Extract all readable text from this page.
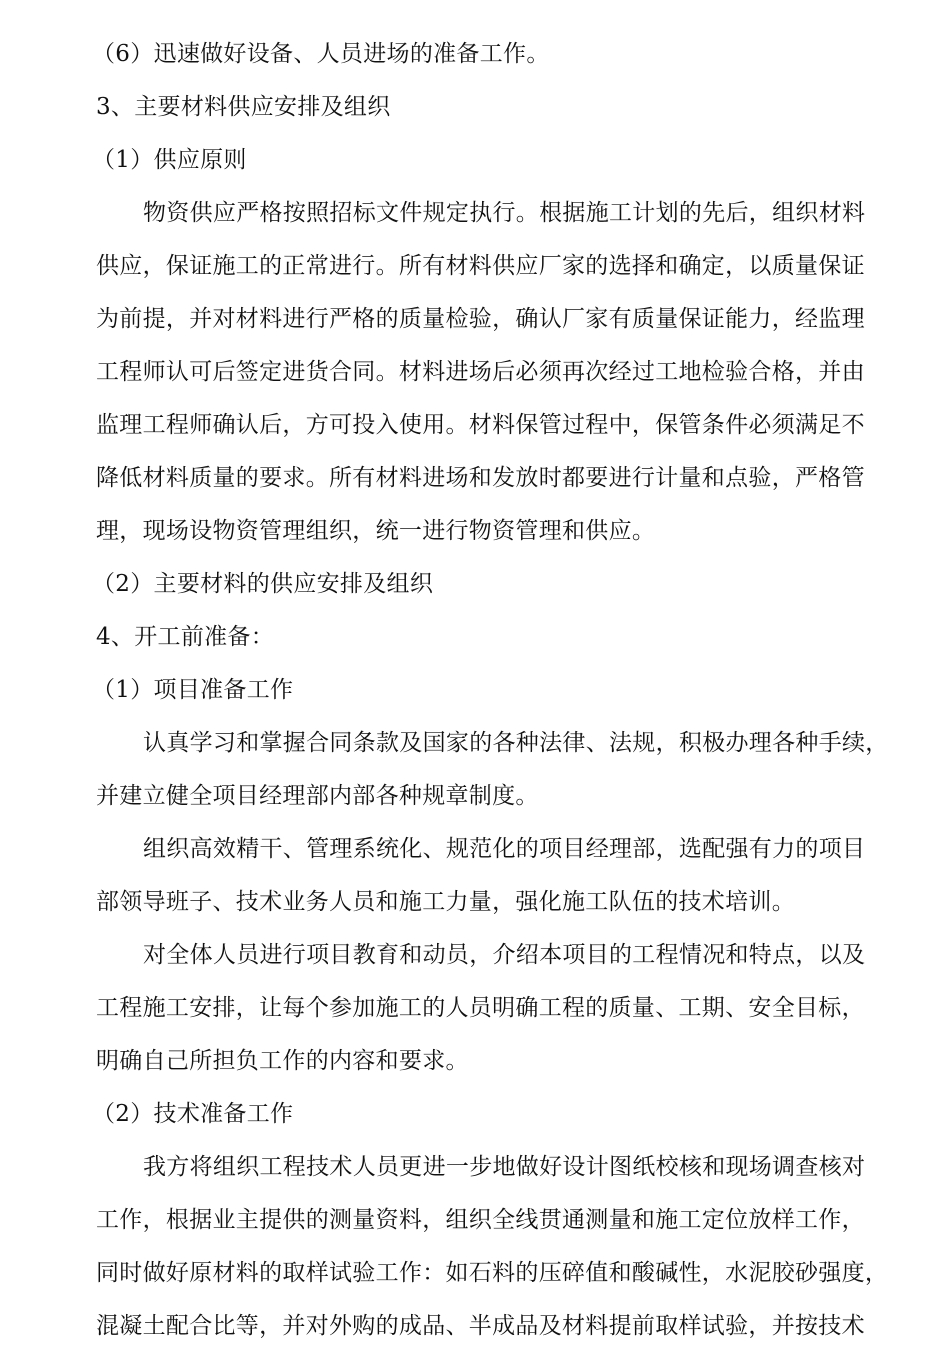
（6）迅速做好设备、人员进场的准备工作。
3、主要材料供应安排及组织
（1）供应原则
物资供应严格按照招标文件规定执行。根据施工计划的先后，组织材料
供应，保证施工的正常进行。所有材料供应厂家的选择和确定，以质量保证
为前提，并对材料进行严格的质量检验，确认厂家有质量保证能力，经监理
工程师认可后签定进货合同。材料进场后必须再次经过工地检验合格，并由
监理工程师确认后，方可投入使用。材料保管过程中，保管条件必须满足不
降低材料质量的要求。所有材料进场和发放时都要进行计量和点验，严格管
理，现场设物资管理组织，统一进行物资管理和供应。
（2）主要材料的供应安排及组织
4、开工前准备：
（1）项目准备工作
认真学习和掌握合同条款及国家的各种法律、法规，积极办理各种手续，
并建立健全项目经理部内部各种规章制度。
组织高效精干、管理系统化、规范化的项目经理部，选配强有力的项目
部领导班子、技术业务人员和施工力量，强化施工队伍的技术培训。
对全体人员进行项目教育和动员，介绍本项目的工程情况和特点，以及
工程施工安排，让每个参加施工的人员明确工程的质量、工期、安全目标，
明确自己所担负工作的内容和要求。
（2）技术准备工作
我方将组织工程技术人员更进一步地做好设计图纸校核和现场调查核对
工作，根据业主提供的测量资料，组织全线贯通测量和施工定位放样工作，
同时做好原材料的取样试验工作：如石料的压碎值和酸碱性，水泥胶砂强度，
混凝土配合比等，并对外购的成品、半成品及材料提前取样试验，并按技术
